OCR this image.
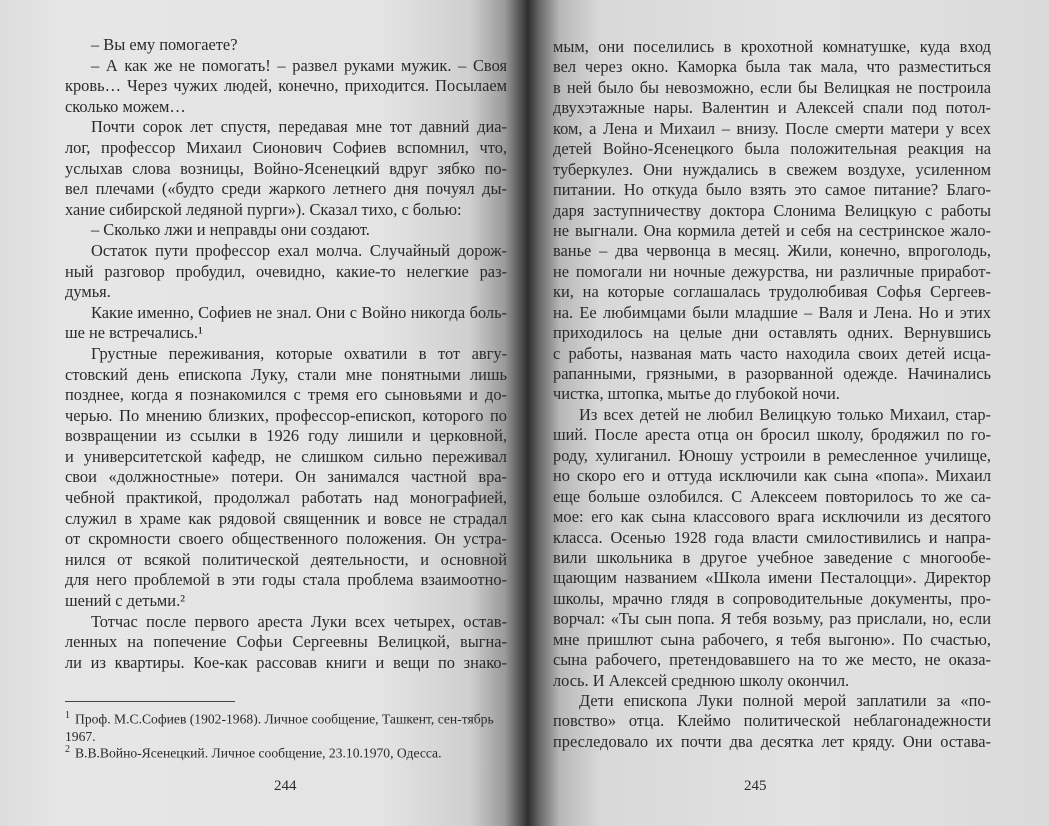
– Вы ему помогаете?
– А как же не помогать! – развел руками мужик. – Своя
кровь… Через чужих людей, конечно, приходится. Посылаем
сколько можем…
Почти сорок лет спустя, передавая мне тот давний диа-
лог, профессор Михаил Сионович Софиев вспомнил, что,
услыхав слова возницы, Войно-Ясенецкий вдруг зябко по-
вел плечами («будто среди жаркого летнего дня почуял ды-
хание сибирской ледяной пурги»). Сказал тихо, с болью:
– Сколько лжи и неправды они создают.
Остаток пути профессор ехал молча. Случайный дорож-
ный разговор пробудил, очевидно, какие-то нелегкие раз-
думья.
Какие именно, Софиев не знал. Они с Войно никогда боль-
ше не встречались.¹
Грустные переживания, которые охватили в тот авгу-
стовский день епископа Луку, стали мне понятными лишь
позднее, когда я познакомился с тремя его сыновьями и до-
черью. По мнению близких, профессор-епископ, которого по
возвращении из ссылки в 1926 году лишили и церковной,
и университетской кафедр, не слишком сильно переживал
свои «должностные» потери. Он занимался частной вра-
чебной практикой, продолжал работать над монографией,
служил в храме как рядовой священник и вовсе не страдал
от скромности своего общественного положения. Он устра-
нился от всякой политической деятельности, и основной
для него проблемой в эти годы стала проблема взаимоотно-
шений с детьми.²
Тотчас после первого ареста Луки всех четырех, остав-
ленных на попечение Софьи Сергеевны Велицкой, выгна-
ли из квартиры. Кое-как рассовав книги и вещи по знако-
$^1$ Проф. М.С.Софиев (1902-1968). Личное сообщение, Ташкент, сен-тябрь 1967.
$^2$ В.В.Войно-Ясенецкий. Личное сообщение, 23.10.1970, Одесса.
244
мым, они поселились в крохотной комнатушке, куда вход
вел через окно. Каморка была так мала, что разместиться
в ней было бы невозможно, если бы Велицкая не построила
двухэтажные нары. Валентин и Алексей спали под потол-
ком, а Лена и Михаил – внизу. После смерти матери у всех
детей Войно-Ясенецкого была положительная реакция на
туберкулез. Они нуждались в свежем воздухе, усиленном
питании. Но откуда было взять это самое питание? Благо-
даря заступничеству доктора Слонима Велицкую с работы
не выгнали. Она кормила детей и себя на сестринское жало-
ванье – два червонца в месяц. Жили, конечно, впроголодь,
не помогали ни ночные дежурства, ни различные приработ-
ки, на которые соглашалась трудолюбивая Софья Сергеев-
на. Ее любимцами были младшие – Валя и Лена. Но и этих
приходилось на целые дни оставлять одних. Вернувшись
с работы, названая мать часто находила своих детей исца-
рапанными, грязными, в разорванной одежде. Начинались
чистка, штопка, мытье до глубокой ночи.
Из всех детей не любил Велицкую только Михаил, стар-
ший. После ареста отца он бросил школу, бродяжил по го-
роду, хулиганил. Юношу устроили в ремесленное училище,
но скоро его и оттуда исключили как сына «попа». Михаил
еще больше озлобился. С Алексеем повторилось то же са-
мое: его как сына классового врага исключили из десятого
класса. Осенью 1928 года власти смилостивились и напра-
вили школьника в другое учебное заведение с многообе-
щающим названием «Школа имени Песталоцци». Директор
школы, мрачно глядя в сопроводительные документы, про-
ворчал: «Ты сын попа. Я тебя возьму, раз прислали, но, если
мне пришлют сына рабочего, я тебя выгоню». По счастью,
сына рабочего, претендовавшего на то же место, не оказа-
лось. И Алексей среднюю школу окончил.
Дети епископа Луки полной мерой заплатили за «по-
повство» отца. Клеймо политической неблагонадежности
преследовало их почти два десятка лет кряду. Они остава-
245
